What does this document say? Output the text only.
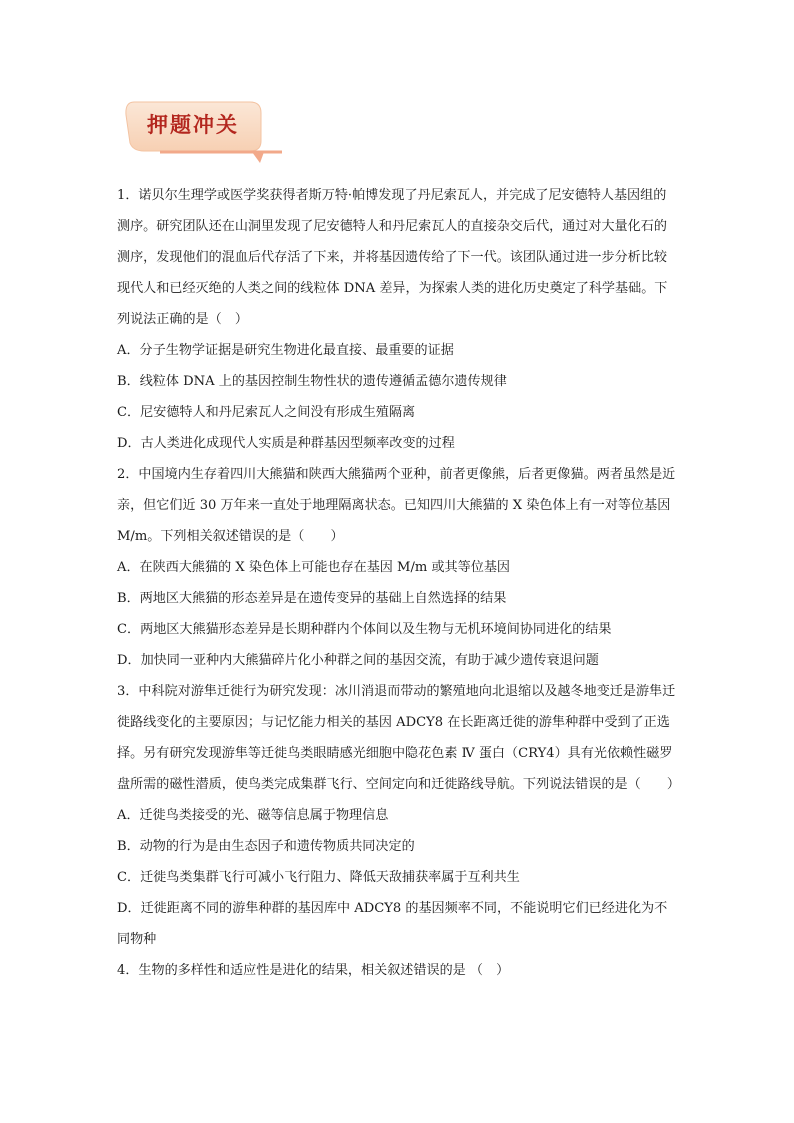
押题冲关

1．诺贝尔生理学或医学奖获得者斯万特·帕博发现了丹尼索瓦人，并完成了尼安德特人基因组的测序。研究团队还在山洞里发现了尼安德特人和丹尼索瓦人的直接杂交后代，通过对大量化石的测序，发现他们的混血后代存活了下来，并将基因遗传给了下一代。该团队通过进一步分析比较现代人和已经灭绝的人类之间的线粒体 DNA 差异，为探索人类的进化历史奠定了科学基础。下列说法正确的是（　）

A．分子生物学证据是研究生物进化最直接、最重要的证据

B．线粒体 DNA 上的基因控制生物性状的遗传遵循孟德尔遗传规律

C．尼安德特人和丹尼索瓦人之间没有形成生殖隔离

D．古人类进化成现代人实质是种群基因型频率改变的过程

2．中国境内生存着四川大熊猫和陕西大熊猫两个亚种，前者更像熊，后者更像猫。两者虽然是近亲，但它们近 30 万年来一直处于地理隔离状态。已知四川大熊猫的 X 染色体上有一对等位基因 M/m。下列相关叙述错误的是（　　）

A．在陕西大熊猫的 X 染色体上可能也存在基因 M/m 或其等位基因

B．两地区大熊猫的形态差异是在遗传变异的基础上自然选择的结果

C．两地区大熊猫形态差异是长期种群内个体间以及生物与无机环境间协同进化的结果

D．加快同一亚种内大熊猫碎片化小种群之间的基因交流，有助于减少遗传衰退问题

3．中科院对游隼迁徙行为研究发现：冰川消退而带动的繁殖地向北退缩以及越冬地变迁是游隼迁徙路线变化的主要原因；与记忆能力相关的基因 ADCY8 在长距离迁徙的游隼种群中受到了正选择。另有研究发现游隼等迁徙鸟类眼睛感光细胞中隐花色素 Ⅳ 蛋白（CRY4）具有光依赖性磁罗盘所需的磁性潜质，使鸟类完成集群飞行、空间定向和迁徙路线导航。下列说法错误的是（　　）

A．迁徙鸟类接受的光、磁等信息属于物理信息

B．动物的行为是由生态因子和遗传物质共同决定的

C．迁徙鸟类集群飞行可减小飞行阻力、降低天敌捕获率属于互利共生

D．迁徙距离不同的游隼种群的基因库中 ADCY8 的基因频率不同，不能说明它们已经进化为不同物种

4．生物的多样性和适应性是进化的结果，相关叙述错误的是 （　）
